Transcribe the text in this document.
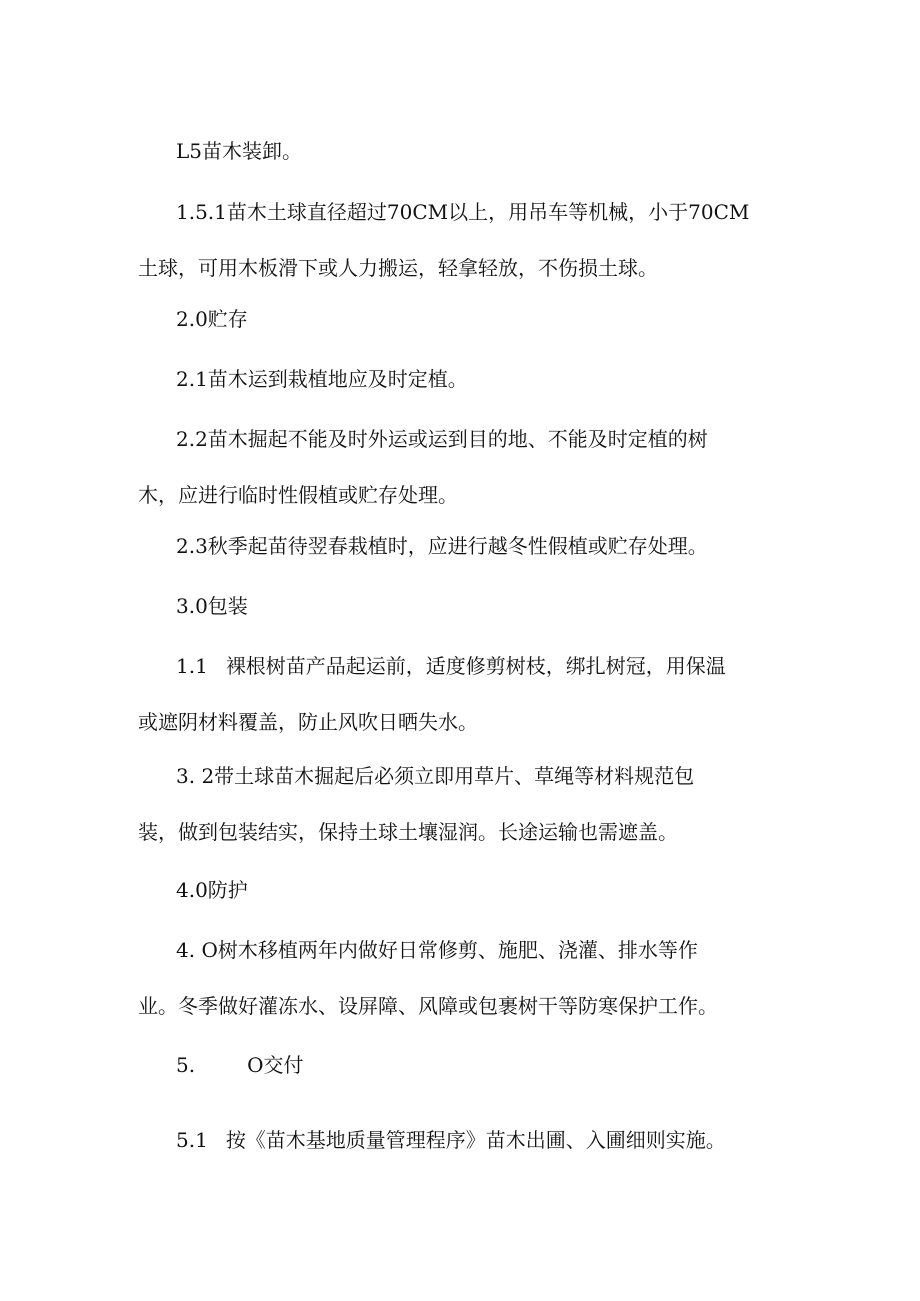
L5苗木装卸。

1.5.1苗木土球直径超过70CM以上，用吊车等机械，小于70CM
土球，可用木板滑下或人力搬运，轻拿轻放，不伤损土球。

2.0贮存

2.1苗木运到栽植地应及时定植。

2.2苗木掘起不能及时外运或运到目的地、不能及时定植的树
木，应进行临时性假植或贮存处理。

2.3秋季起苗待翌春栽植时，应进行越冬性假植或贮存处理。

3.0包装

1.1 裸根树苗产品起运前，适度修剪树枝，绑扎树冠，用保温
或遮阴材料覆盖，防止风吹日晒失水。

3. 2带土球苗木掘起后必须立即用草片、草绳等材料规范包
装，做到包装结实，保持土球土壤湿润。长途运输也需遮盖。

4.0防护

4. O树木移植两年内做好日常修剪、施肥、浇灌、排水等作
业。冬季做好灌冻水、设屏障、风障或包裹树干等防寒保护工作。

5.	O交付

5.1 按《苗木基地质量管理程序》苗木出圃、入圃细则实施。
